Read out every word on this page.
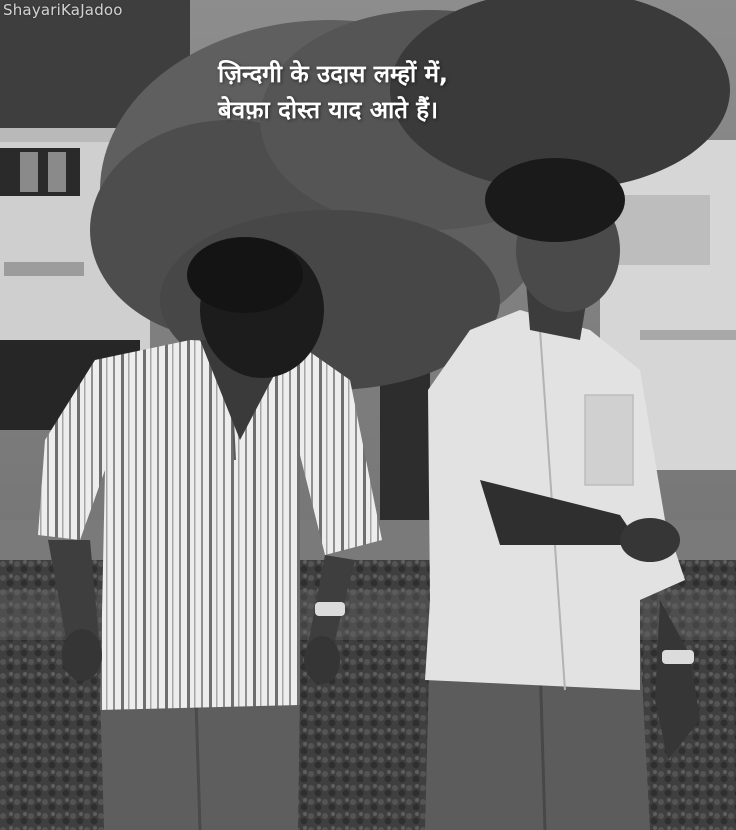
ShayariKaJadoo
ज़िन्दगी के उदास लम्हों में,
बेवफ़ा दोस्त याद आते हैं।
